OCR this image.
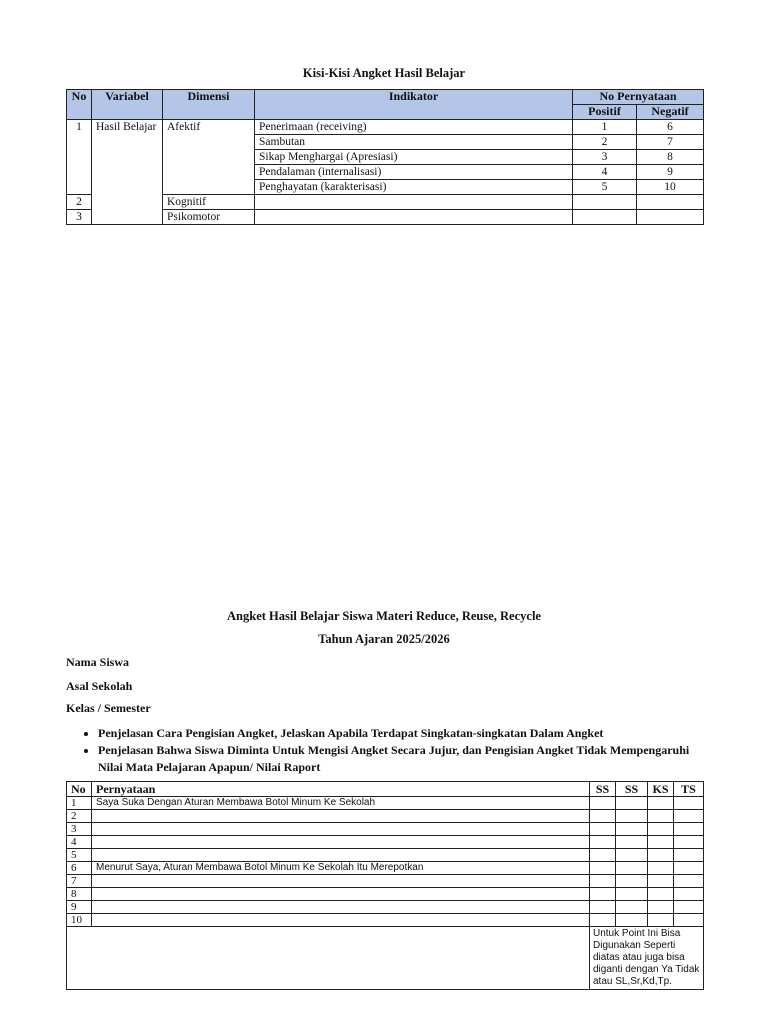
Kisi-Kisi Angket Hasil Belajar
No	Variabel	Dimensi	Indikator	No Pernyataan	
				Positif	Negatif
1	Hasil Belajar	Afektif	Penerimaan (receiving)	1	6
			Sambutan	2	7
			Sikap Menghargai (Apresiasi)	3	8
			Pendalaman (internalisasi)	4	9
			Penghayatan (karakterisasi)	5	10
2		Kognitif			
3		Psikomotor			
Angket Hasil Belajar Siswa Materi Reduce, Reuse, Recycle
Tahun Ajaran 2025/2026
Nama Siswa
Asal Sekolah
Kelas / Semester
• Penjelasan Cara Pengisian Angket, Jelaskan Apabila Terdapat Singkatan-singkatan Dalam Angket
• Penjelasan Bahwa Siswa Diminta Untuk Mengisi Angket Secara Jujur, dan Pengisian Angket Tidak Mempengaruhi Nilai Mata Pelajaran Apapun/ Nilai Raport
No	Pernyataan	SS	SS	KS	TS
1	Saya Suka Dengan Aturan Membawa Botol Minum Ke Sekolah				
2					
3					
4					
5					
6	Menurut Saya, Aturan Membawa Botol Minum Ke Sekolah Itu Merepotkan				
7					
8					
9					
10					
		Untuk Point Ini Bisa Digunakan Seperti diatas atau juga bisa diganti dengan Ya Tidak atau SL,Sr,Kd,Tp.			
